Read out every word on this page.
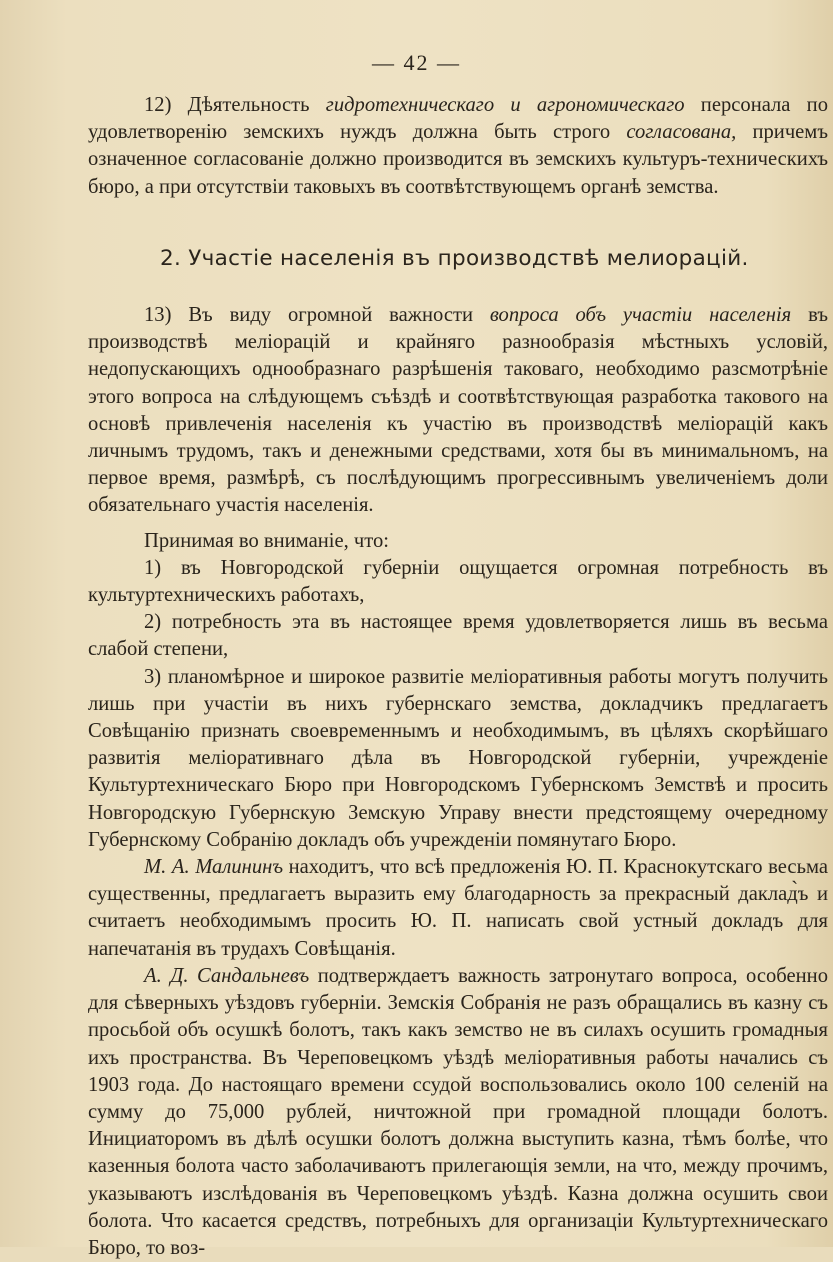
— 42 —

12) Дѣятельность гидротехническаго и агрономическаго персонала по удовлетворенію земскихъ нуждъ должна быть строго согласована, причемъ означенное согласованіе должно производится въ земскихъ культуръ-техническихъ бюро, а при отсутствіи таковыхъ въ соотвѣтствующемъ органѣ земства.

2. Участіе населенія въ производствѣ мелиорацій.

13) Въ виду огромной важности вопроса объ участіи населенія въ производствѣ меліорацій и крайняго разнообразія мѣстныхъ условій, недопускающихъ однообразнаго разрѣшенія таковаго, необходимо разсмотрѣніе этого вопроса на слѣдующемъ съѣздѣ и соотвѣтствующая разработка такового на основѣ привлеченія населенія къ участію въ производствѣ меліорацій какъ личнымъ трудомъ, такъ и денежными средствами, хотя бы въ минимальномъ, на первое время, размѣрѣ, съ послѣдующимъ прогрессивнымъ увеличеніемъ доли обязательнаго участія населенія.

Принимая во вниманіе, что:

1) въ Новгородской губерніи ощущается огромная потребность въ культуртехническихъ работахъ,

2) потребность эта въ настоящее время удовлетворяется лишь въ весьма слабой степени,

3) планомѣрное и широкое развитіе меліоративныя работы могутъ получить лишь при участіи въ нихъ губернскаго земства, докладчикъ предлагаетъ Совѣщанію признать своевременнымъ и необходимымъ, въ цѣляхъ скорѣйшаго развитія меліоративнаго дѣла въ Новгородской губерніи, учрежденіе Культуртехническаго Бюро при Новгородскомъ Губернскомъ Земствѣ и просить Новгородскую Губернскую Земскую Управу внести предстоящему очередному Губернскому Собранію докладъ объ учрежденіи помянутаго Бюро.

М. А. Малининъ находитъ, что всѣ предложенія Ю. П. Краснокутскаго весьма существенны, предлагаетъ выразить ему благодарность за прекрасный даклад̀ъ и считаетъ необходимымъ просить Ю. П. написать свой устный докладъ для напечатанія въ трудахъ Совѣщанія.

А. Д. Сандальневъ подтверждаетъ важность затронутаго вопроса, особенно для сѣверныхъ уѣздовъ губерніи. Земскія Собранія не разъ обращались въ казну съ просьбой объ осушкѣ болотъ, такъ какъ земство не въ силахъ осушить громадныя ихъ пространства. Въ Череповецкомъ уѣздѣ меліоративныя работы начались съ 1903 года. До настоящаго времени ссудой воспользовались около 100 селеній на сумму до 75,000 рублей, ничтожной при громадной площади болотъ. Инициаторомъ въ дѣлѣ осушки болотъ должна выступить казна, тѣмъ болѣе, что казенныя болота часто заболачиваютъ прилегающія земли, на что, между прочимъ, указываютъ изслѣдованія въ Череповецкомъ уѣздѣ. Казна должна осушить свои болота. Что касается средствъ, потребныхъ для организаціи Культуртехническаго Бюро, то воз-
